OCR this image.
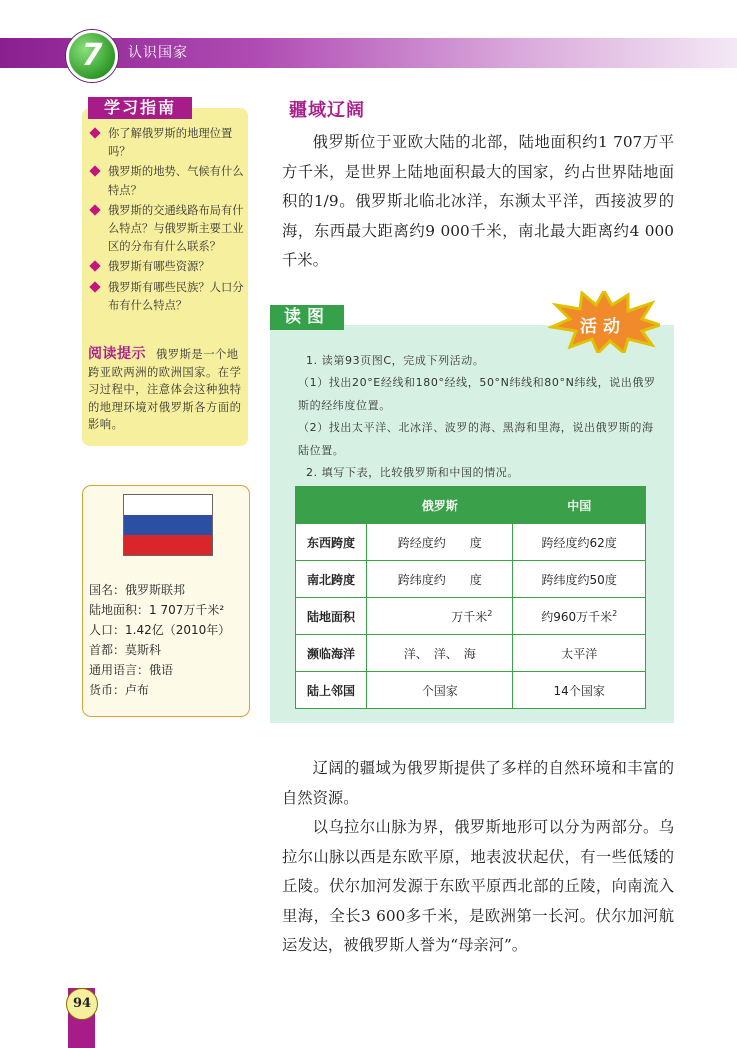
7	认识国家
学习指南
你了解俄罗斯的地理位置吗？
俄罗斯的地势、气候有什么特点？
俄罗斯的交通线路布局有什么特点？与俄罗斯主要工业区的分布有什么联系？
俄罗斯有哪些资源？
俄罗斯有哪些民族？人口分布有什么特点？
阅读提示 俄罗斯是一个地跨亚欧两洲的欧洲国家。在学习过程中，注意体会这种独特的地理环境对俄罗斯各方面的影响。
国名：俄罗斯联邦
陆地面积：1 707万千米²
人口：1.42亿（2010年）
首都：莫斯科
通用语言：俄语
货币：卢布
疆域辽阔

俄罗斯位于亚欧大陆的北部，陆地面积约1 707万平方千米，是世界上陆地面积最大的国家，约占世界陆地面积的1/9。俄罗斯北临北冰洋，东濒太平洋，西接波罗的海，东西最大距离约9 000千米，南北最大距离约4 000千米。

读图	活动

1. 读第93页图C，完成下列活动。

（1）找出20°E经线和180°经线，50°N纬线和80°N纬线，说出俄罗斯的经纬度位置。

（2）找出太平洋、北冰洋、波罗的海、黑海和里海，说出俄罗斯的海陆位置。

2. 填写下表，比较俄罗斯和中国的情况。

	俄罗斯	中国
东西跨度	跨经度约　　度	跨经度约62度
南北跨度	跨纬度约　　度	跨纬度约50度
陆地面积	万千米$^2$	约960万千米$^2$
濒临海洋	洋、　洋、　海	太平洋
陆上邻国	个国家	14个国家

辽阔的疆域为俄罗斯提供了多样的自然环境和丰富的自然资源。

以乌拉尔山脉为界，俄罗斯地形可以分为两部分。乌拉尔山脉以西是东欧平原，地表波状起伏，有一些低矮的丘陵。伏尔加河发源于东欧平原西北部的丘陵，向南流入里海，全长3 600多千米，是欧洲第一长河。伏尔加河航运发达，被俄罗斯人誉为“母亲河”。

94
